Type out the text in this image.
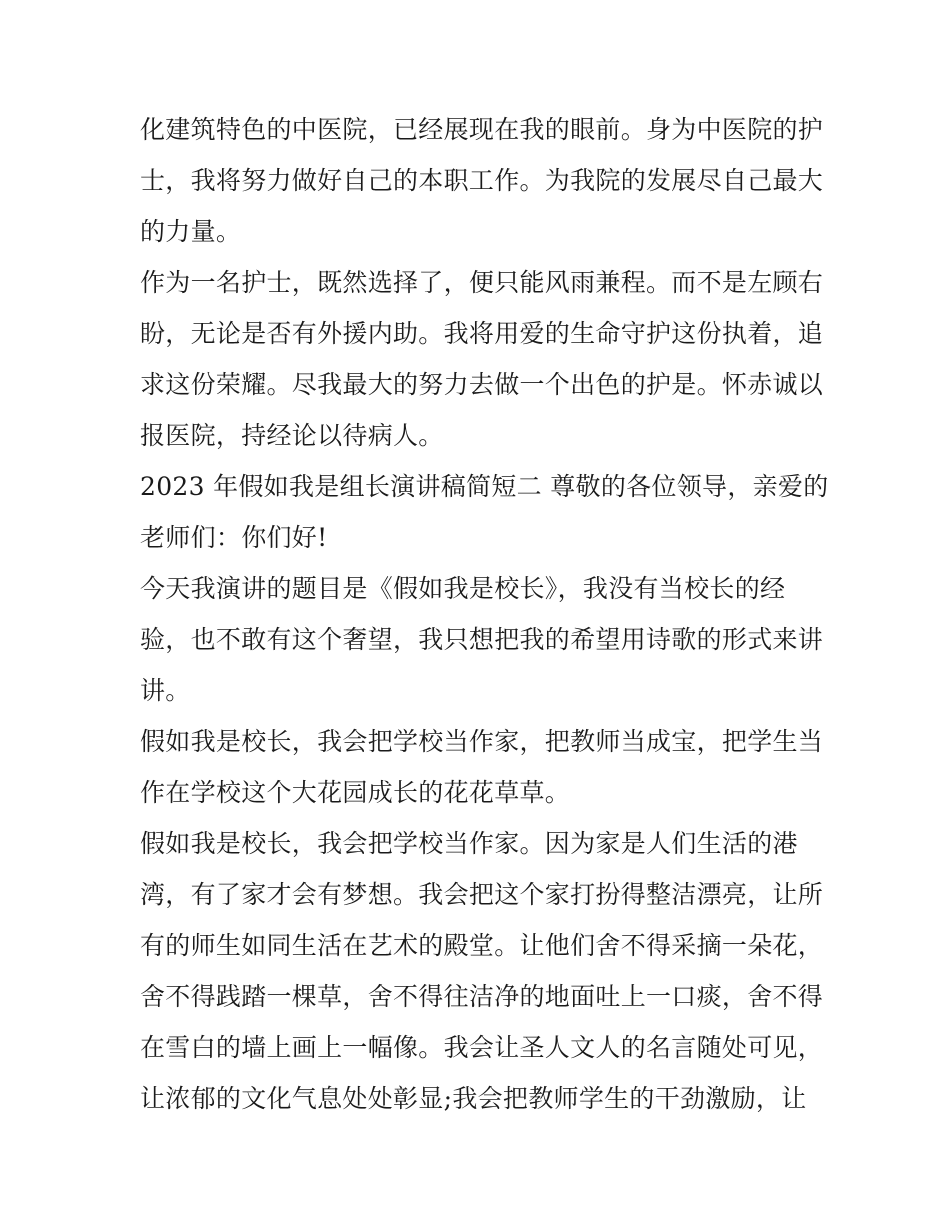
化建筑特色的中医院，已经展现在我的眼前。身为中医院的护
士，我将努力做好自己的本职工作。为我院的发展尽自己最大
的力量。
作为一名护士，既然选择了，便只能风雨兼程。而不是左顾右
盼，无论是否有外援内助。我将用爱的生命守护这份执着，追
求这份荣耀。尽我最大的努力去做一个出色的护是。怀赤诚以
报医院，持经论以待病人。
2023 年假如我是组长演讲稿简短二 尊敬的各位领导，亲爱的
老师们：你们好!
今天我演讲的题目是《假如我是校长》，我没有当校长的经
验，也不敢有这个奢望，我只想把我的希望用诗歌的形式来讲
讲。
假如我是校长，我会把学校当作家，把教师当成宝，把学生当
作在学校这个大花园成长的花花草草。
假如我是校长，我会把学校当作家。因为家是人们生活的港
湾，有了家才会有梦想。我会把这个家打扮得整洁漂亮，让所
有的师生如同生活在艺术的殿堂。让他们舍不得采摘一朵花，
舍不得践踏一棵草，舍不得往洁净的地面吐上一口痰，舍不得
在雪白的墙上画上一幅像。我会让圣人文人的名言随处可见，
让浓郁的文化气息处处彰显;我会把教师学生的干劲激励，让
